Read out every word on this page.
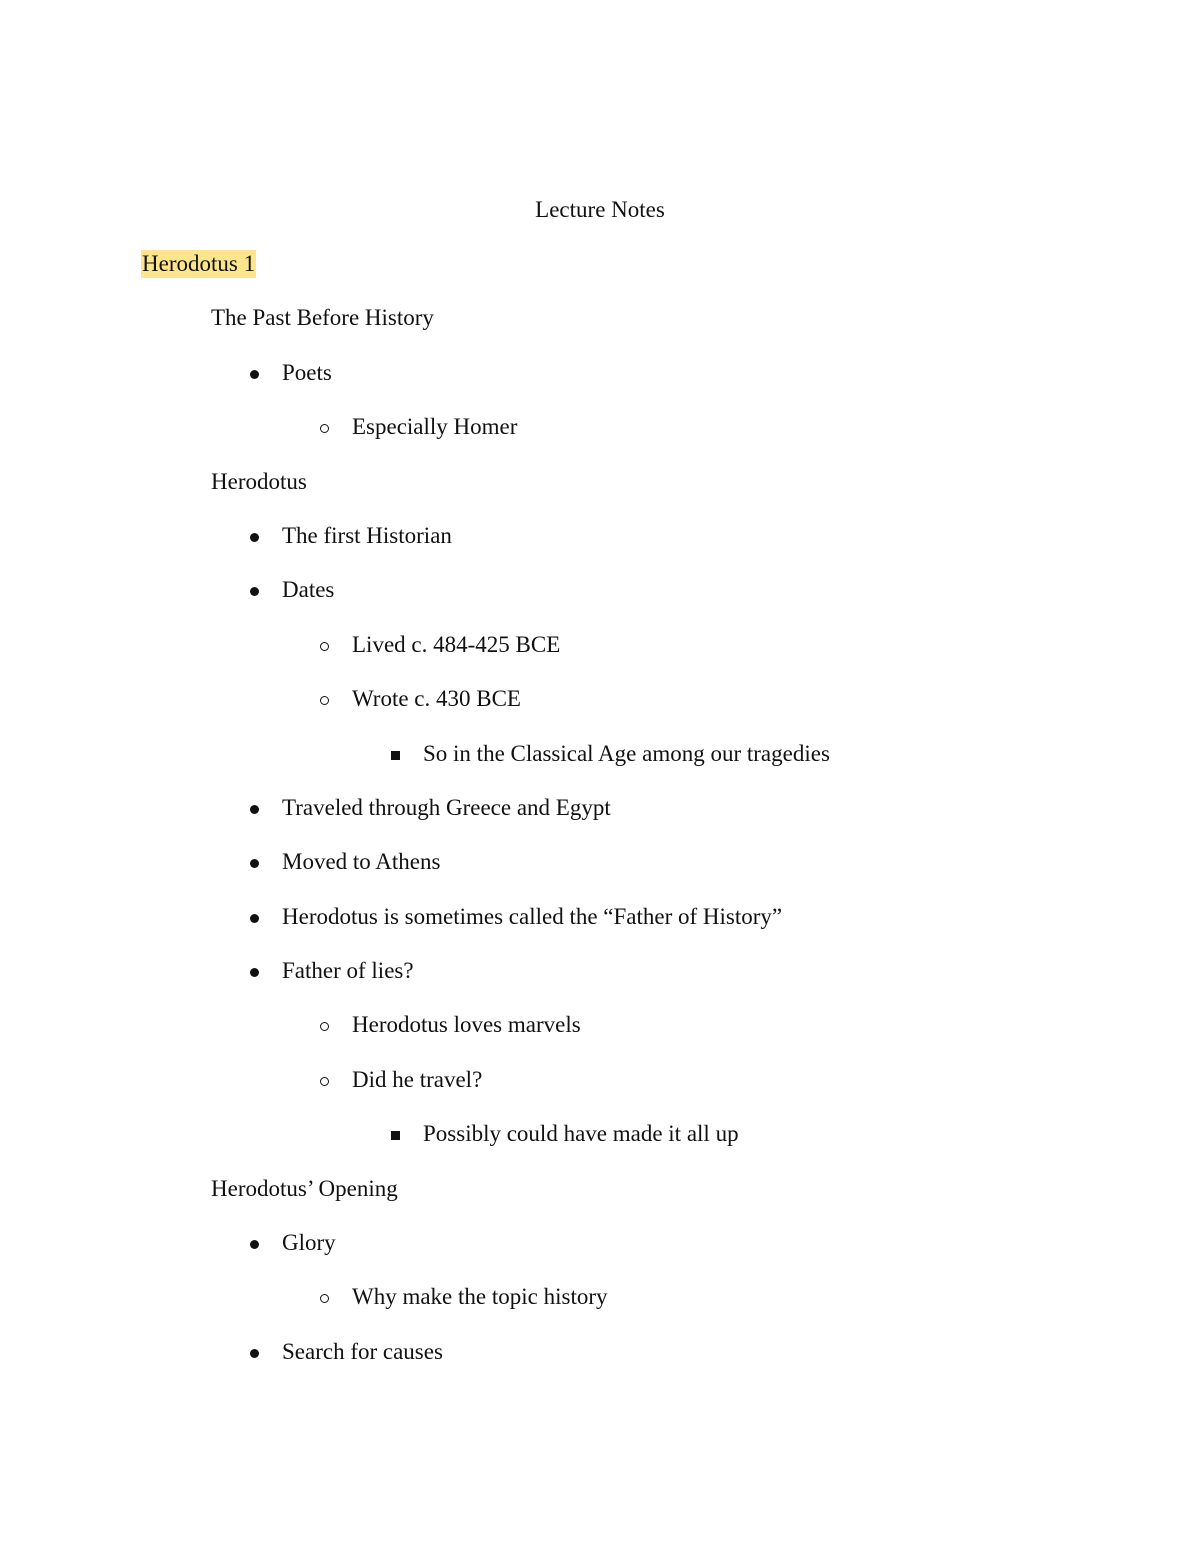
Lecture Notes
Herodotus 1
The Past Before History
Poets
Especially Homer
Herodotus
The first Historian
Dates
Lived c. 484-425 BCE
Wrote c. 430 BCE
So in the Classical Age among our tragedies
Traveled through Greece and Egypt
Moved to Athens
Herodotus is sometimes called the “Father of History”
Father of lies?
Herodotus loves marvels
Did he travel?
Possibly could have made it all up
Herodotus’ Opening
Glory
Why make the topic history
Search for causes
